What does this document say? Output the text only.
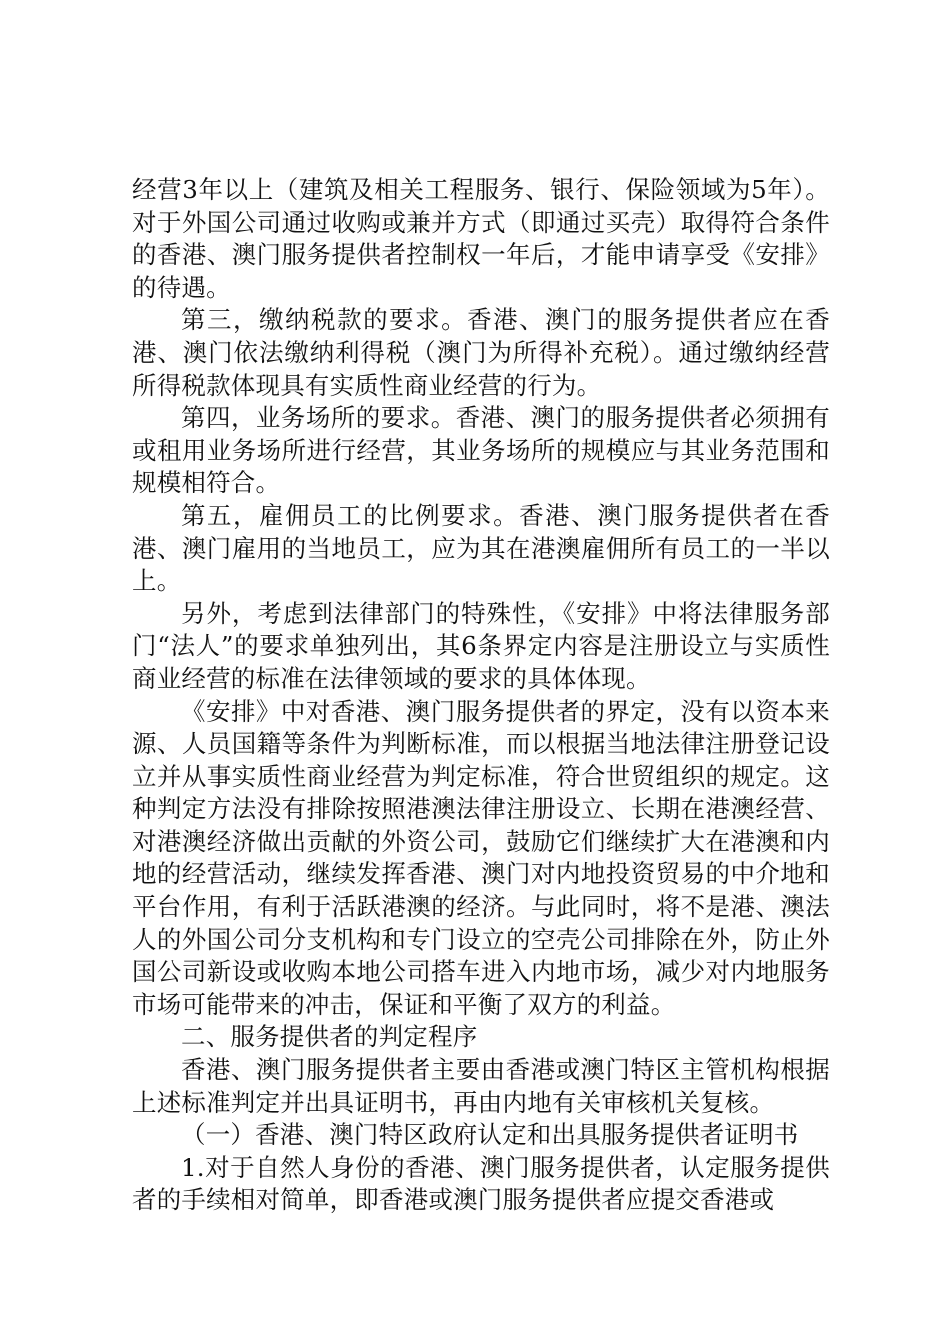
经营3年以上（建筑及相关工程服务、银行、保险领域为5年）。对于外国公司通过收购或兼并方式（即通过买壳）取得符合条件的香港、澳门服务提供者控制权一年后，才能申请享受《安排》的待遇。

第三，缴纳税款的要求。香港、澳门的服务提供者应在香港、澳门依法缴纳利得税（澳门为所得补充税）。通过缴纳经营所得税款体现具有实质性商业经营的行为。

第四，业务场所的要求。香港、澳门的服务提供者必须拥有或租用业务场所进行经营，其业务场所的规模应与其业务范围和规模相符合。

第五，雇佣员工的比例要求。香港、澳门服务提供者在香港、澳门雇用的当地员工，应为其在港澳雇佣所有员工的一半以上。

另外，考虑到法律部门的特殊性，《安排》中将法律服务部门“法人”的要求单独列出，其6条界定内容是注册设立与实质性商业经营的标准在法律领域的要求的具体体现。

《安排》中对香港、澳门服务提供者的界定，没有以资本来源、人员国籍等条件为判断标准，而以根据当地法律注册登记设立并从事实质性商业经营为判定标准，符合世贸组织的规定。这种判定方法没有排除按照港澳法律注册设立、长期在港澳经营、对港澳经济做出贡献的外资公司，鼓励它们继续扩大在港澳和内地的经营活动，继续发挥香港、澳门对内地投资贸易的中介地和平台作用，有利于活跃港澳的经济。与此同时，将不是港、澳法人的外国公司分支机构和专门设立的空壳公司排除在外，防止外国公司新设或收购本地公司搭车进入内地市场，减少对内地服务市场可能带来的冲击，保证和平衡了双方的利益。

二、服务提供者的判定程序

香港、澳门服务提供者主要由香港或澳门特区主管机构根据上述标准判定并出具证明书，再由内地有关审核机关复核。

（一）香港、澳门特区政府认定和出具服务提供者证明书

1.对于自然人身份的香港、澳门服务提供者，认定服务提供者的手续相对简单，即香港或澳门服务提供者应提交香港或
